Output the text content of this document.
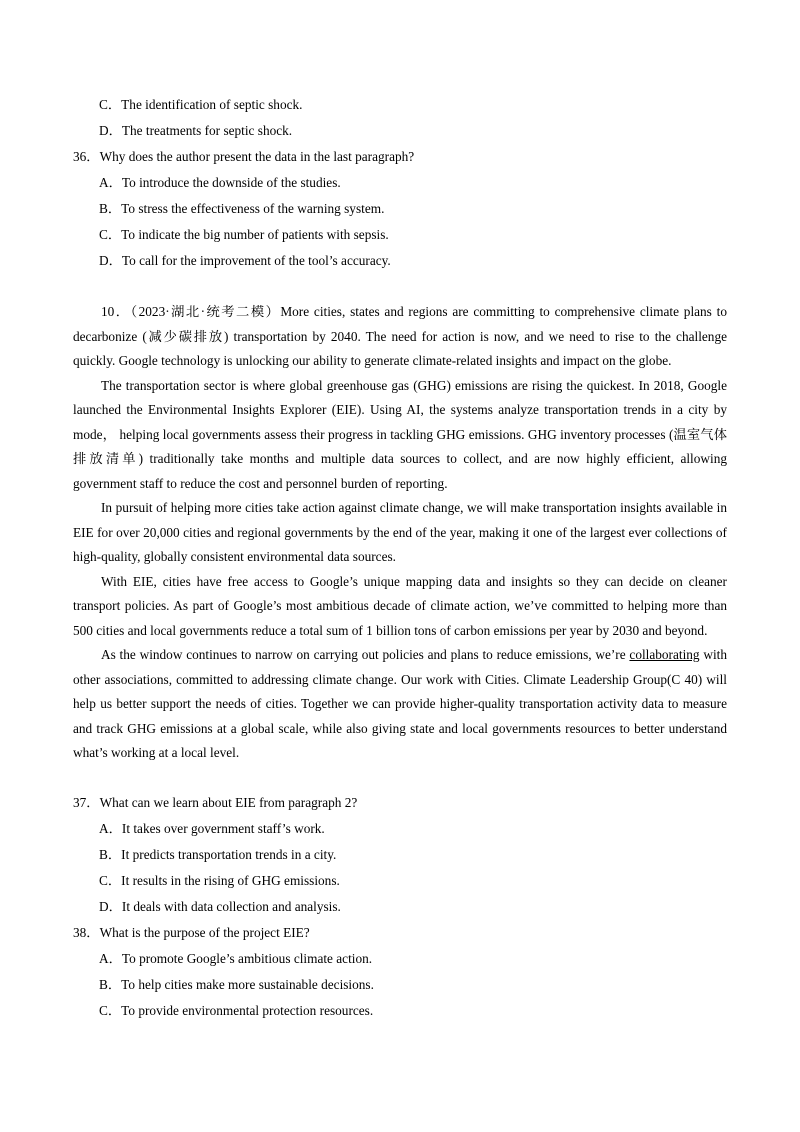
C．The identification of septic shock.
D．The treatments for septic shock.
36．Why does the author present the data in the last paragraph?
A．To introduce the downside of the studies.
B．To stress the effectiveness of the warning system.
C．To indicate the big number of patients with sepsis.
D．To call for the improvement of the tool’s accuracy.
10．（2023·湖北·统考二模）More cities, states and regions are committing to comprehensive climate plans to decarbonize (减少碳排放) transportation by 2040. The need for action is now, and we need to rise to the challenge quickly. Google technology is unlocking our ability to generate climate-related insights and impact on the globe.
The transportation sector is where global greenhouse gas (GHG) emissions are rising the quickest. In 2018, Google launched the Environmental Insights Explorer (EIE). Using AI, the systems analyze transportation trends in a city by mode， helping local governments assess their progress in tackling GHG emissions. GHG inventory processes (温室气体排放清单) traditionally take months and multiple data sources to collect, and are now highly efficient, allowing government staff to reduce the cost and personnel burden of reporting.
In pursuit of helping more cities take action against climate change, we will make transportation insights available in EIE for over 20,000 cities and regional governments by the end of the year, making it one of the largest ever collections of high-quality, globally consistent environmental data sources.
With EIE, cities have free access to Google’s unique mapping data and insights so they can decide on cleaner transport policies. As part of Google’s most ambitious decade of climate action, we’ve committed to helping more than 500 cities and local governments reduce a total sum of 1 billion tons of carbon emissions per year by 2030 and beyond.
As the window continues to narrow on carrying out policies and plans to reduce emissions, we’re collaborating with other associations, committed to addressing climate change. Our work with Cities. Climate Leadership Group(C 40) will help us better support the needs of cities. Together we can provide higher-quality transportation activity data to measure and track GHG emissions at a global scale, while also giving state and local governments resources to better understand what’s working at a local level.
37．What can we learn about EIE from paragraph 2?
A．It takes over government staff’s work.
B．It predicts transportation trends in a city.
C．It results in the rising of GHG emissions.
D．It deals with data collection and analysis.
38．What is the purpose of the project EIE?
A．To promote Google’s ambitious climate action.
B．To help cities make more sustainable decisions.
C．To provide environmental protection resources.
